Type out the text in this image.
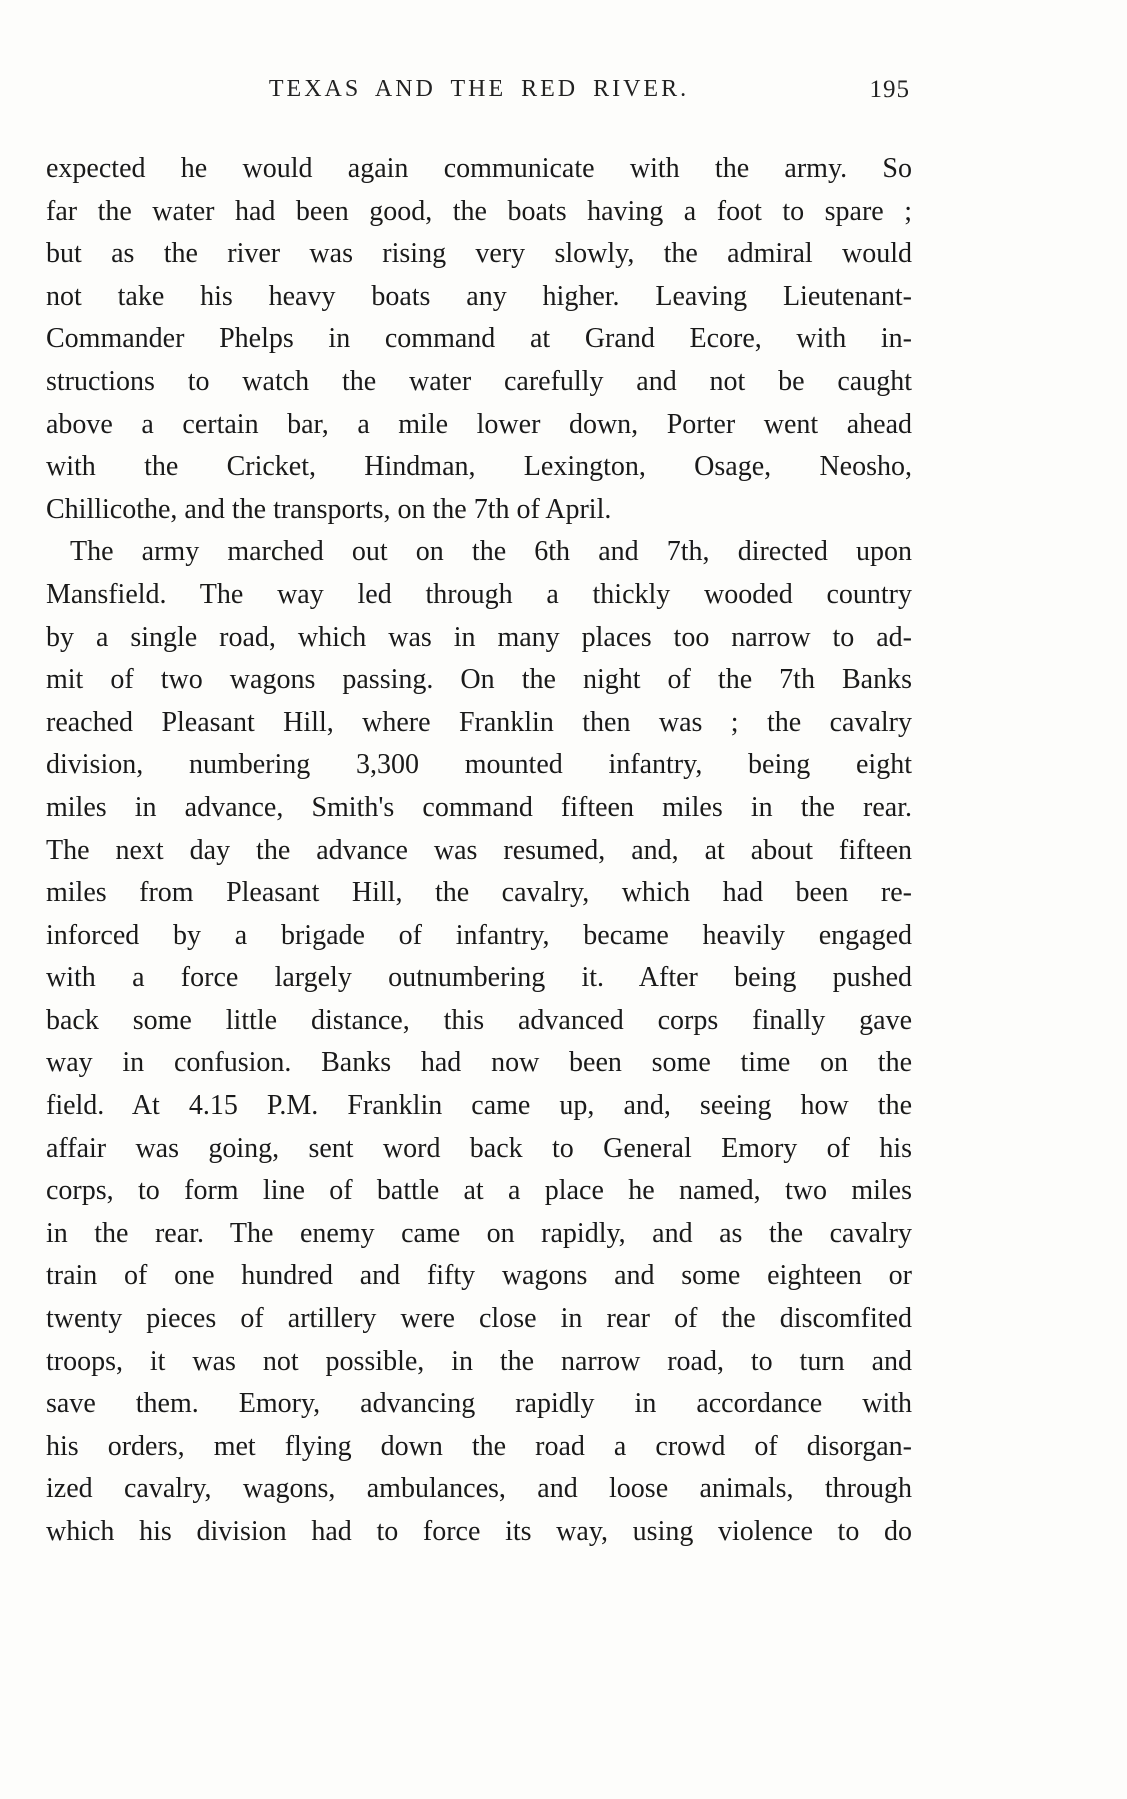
TEXAS AND THE RED RIVER.	195
expected he would again communicate with the army. So
far the water had been good, the boats having a foot to spare ;
but as the river was rising very slowly, the admiral would
not take his heavy boats any higher. Leaving Lieutenant-
Commander Phelps in command at Grand Ecore, with in-
structions to watch the water carefully and not be caught
above a certain bar, a mile lower down, Porter went ahead
with the Cricket, Hindman, Lexington, Osage, Neosho,
Chillicothe, and the transports, on the 7th of April.
The army marched out on the 6th and 7th, directed upon
Mansfield. The way led through a thickly wooded country
by a single road, which was in many places too narrow to ad-
mit of two wagons passing. On the night of the 7th Banks
reached Pleasant Hill, where Franklin then was ; the cavalry
division, numbering 3,300 mounted infantry, being eight
miles in advance, Smith's command fifteen miles in the rear.
The next day the advance was resumed, and, at about fifteen
miles from Pleasant Hill, the cavalry, which had been re-
inforced by a brigade of infantry, became heavily engaged
with a force largely outnumbering it. After being pushed
back some little distance, this advanced corps finally gave
way in confusion. Banks had now been some time on the
field. At 4.15 P.M. Franklin came up, and, seeing how the
affair was going, sent word back to General Emory of his
corps, to form line of battle at a place he named, two miles
in the rear. The enemy came on rapidly, and as the cavalry
train of one hundred and fifty wagons and some eighteen or
twenty pieces of artillery were close in rear of the discomfited
troops, it was not possible, in the narrow road, to turn and
save them. Emory, advancing rapidly in accordance with
his orders, met flying down the road a crowd of disorgan-
ized cavalry, wagons, ambulances, and loose animals, through
which his division had to force its way, using violence to do
